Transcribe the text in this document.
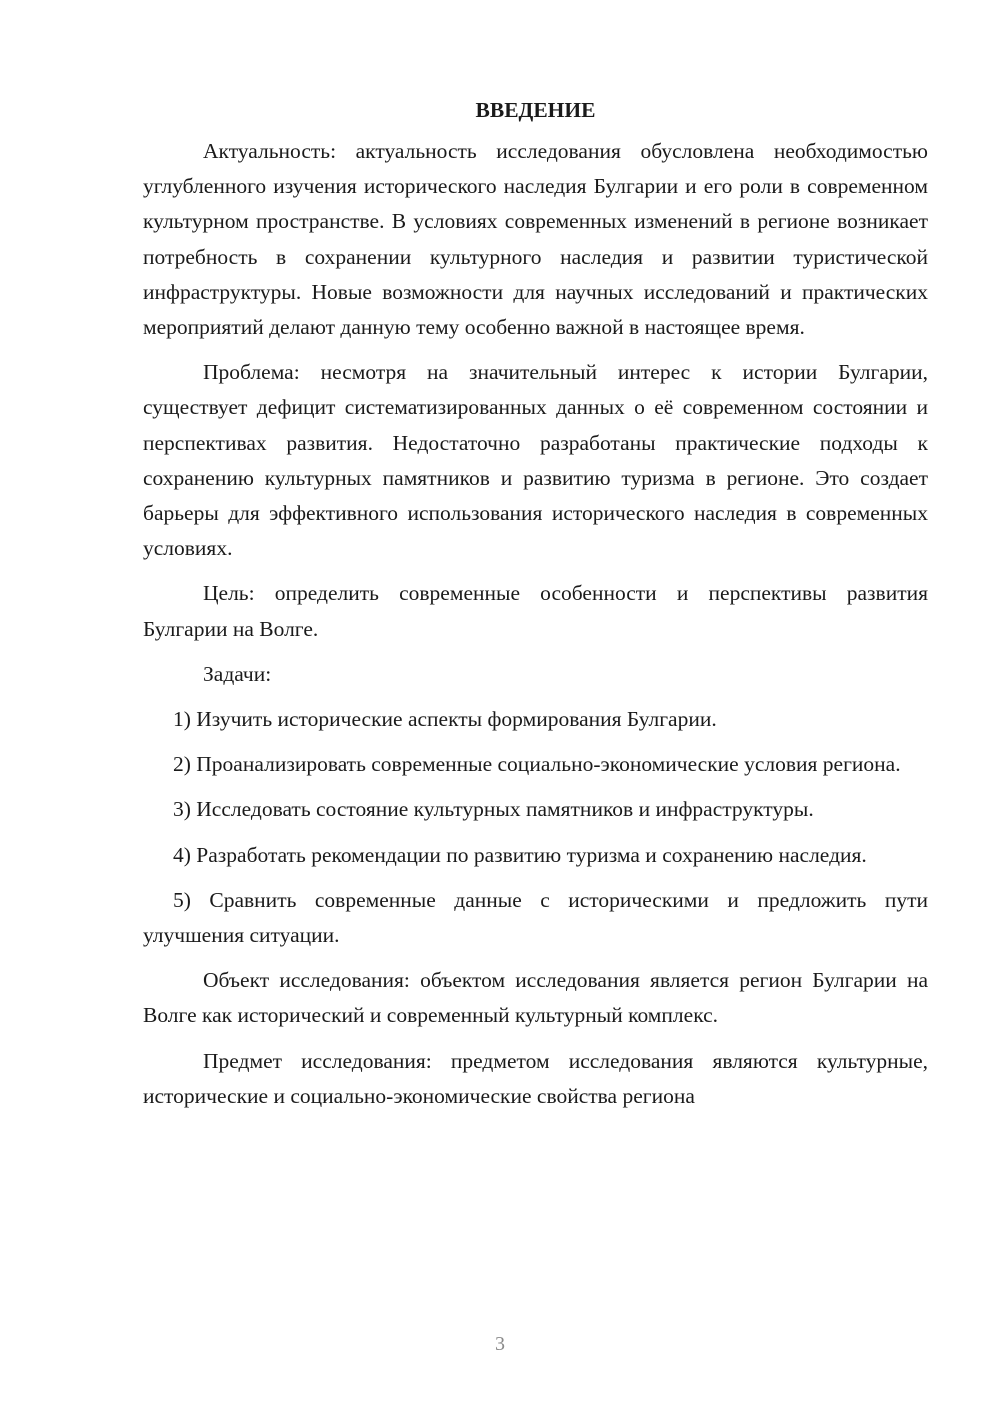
ВВЕДЕНИЕ

Актуальность: актуальность исследования обусловлена необходимостью углубленного изучения исторического наследия Булгарии и его роли в современном культурном пространстве. В условиях современных изменений в регионе возникает потребность в сохранении культурного наследия и развитии туристической инфраструктуры. Новые возможности для научных исследований и практических мероприятий делают данную тему особенно важной в настоящее время.

Проблема: несмотря на значительный интерес к истории Булгарии, существует дефицит систематизированных данных о её современном состоянии и перспективах развития. Недостаточно разработаны практические подходы к сохранению культурных памятников и развитию туризма в регионе. Это создает барьеры для эффективного использования исторического наследия в современных условиях.

Цель: определить современные особенности и перспективы развития Булгарии на Волге.

Задачи:

1) Изучить исторические аспекты формирования Булгарии.

2) Проанализировать современные социально-экономические условия региона.

3) Исследовать состояние культурных памятников и инфраструктуры.

4) Разработать рекомендации по развитию туризма и сохранению наследия.

5) Сравнить современные данные с историческими и предложить пути улучшения ситуации.

Объект исследования: объектом исследования является регион Булгарии на Волге как исторический и современный культурный комплекс.

Предмет исследования: предметом исследования являются культурные, исторические и социально-экономические свойства региона

3
